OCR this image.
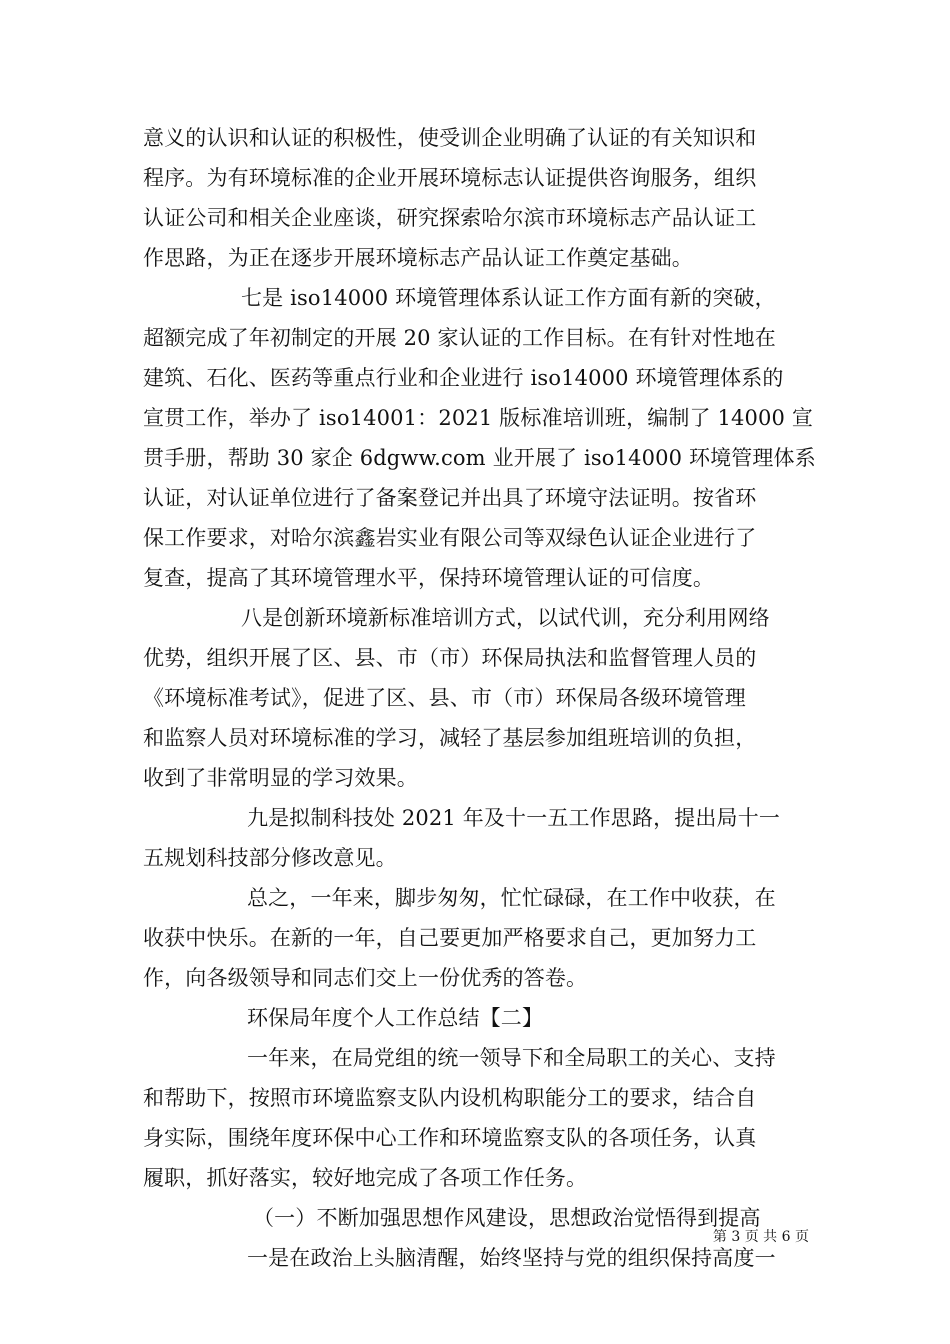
意义的认识和认证的积极性，使受训企业明确了认证的有关知识和
程序。为有环境标准的企业开展环境标志认证提供咨询服务，组织
认证公司和相关企业座谈，研究探索哈尔滨市环境标志产品认证工
作思路，为正在逐步开展环境标志产品认证工作奠定基础。
七是 iso14000 环境管理体系认证工作方面有新的突破，
超额完成了年初制定的开展 20 家认证的工作目标。在有针对性地在
建筑、石化、医药等重点行业和企业进行 iso14000 环境管理体系的
宣贯工作，举办了 iso14001：2021 版标准培训班，编制了 14000 宣
贯手册，帮助 30 家企 6dgww.com 业开展了 iso14000 环境管理体系
认证，对认证单位进行了备案登记并出具了环境守法证明。按省环
保工作要求，对哈尔滨鑫岩实业有限公司等双绿色认证企业进行了
复查，提高了其环境管理水平，保持环境管理认证的可信度。
八是创新环境新标准培训方式，以试代训，充分利用网络
优势，组织开展了区、县、市（市）环保局执法和监督管理人员的
《环境标准考试》，促进了区、县、市（市）环保局各级环境管理
和监察人员对环境标准的学习，减轻了基层参加组班培训的负担，
收到了非常明显的学习效果。
九是拟制科技处 2021 年及十一五工作思路，提出局十一
五规划科技部分修改意见。
总之，一年来，脚步匆匆，忙忙碌碌，在工作中收获，在
收获中快乐。在新的一年，自己要更加严格要求自己，更加努力工
作，向各级领导和同志们交上一份优秀的答卷。
环保局年度个人工作总结【二】
一年来，在局党组的统一领导下和全局职工的关心、支持
和帮助下，按照市环境监察支队内设机构职能分工的要求，结合自
身实际，围绕年度环保中心工作和环境监察支队的各项任务，认真
履职，抓好落实，较好地完成了各项工作任务。
（一）不断加强思想作风建设，思想政治觉悟得到提高
一是在政治上头脑清醒，始终坚持与党的组织保持高度一
第 3 页 共 6 页
